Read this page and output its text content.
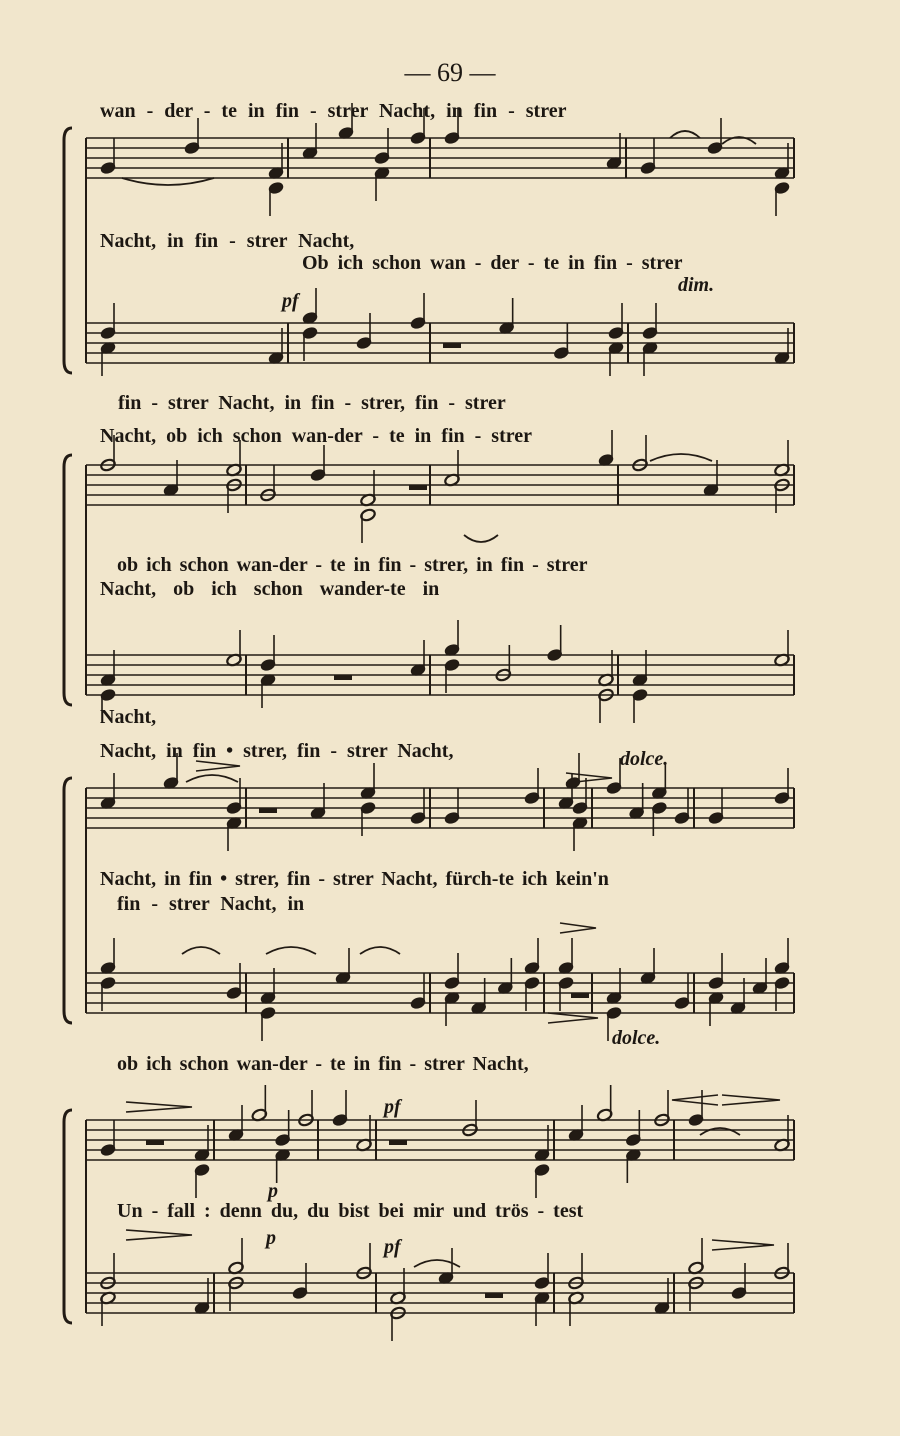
— 69 —
wan - der - te in fin - strer Nacht, in fin - strer
Nacht, in fin - strer Nacht,
Ob ich schon wan - der - te in fin - strer
pf
dim.
fin - strer Nacht, in fin - strer, fin - strer
Nacht, ob ich schon wan-der - te in fin - strer
ob ich schon wan-der - te in fin - strer, in fin - strer
Nacht, ob ich schon wander-te in
Nacht,
Nacht, in fin • strer, fin - strer Nacht,	dolce.
Nacht, in fin • strer, fin - strer Nacht, fürch-te ich kein'n
fin - strer Nacht, in
dolce.
ob ich schon wan-der - te in fin - strer Nacht,
pf
p
Un - fall : denn du, du bist bei mir und trös - test
p	pf
